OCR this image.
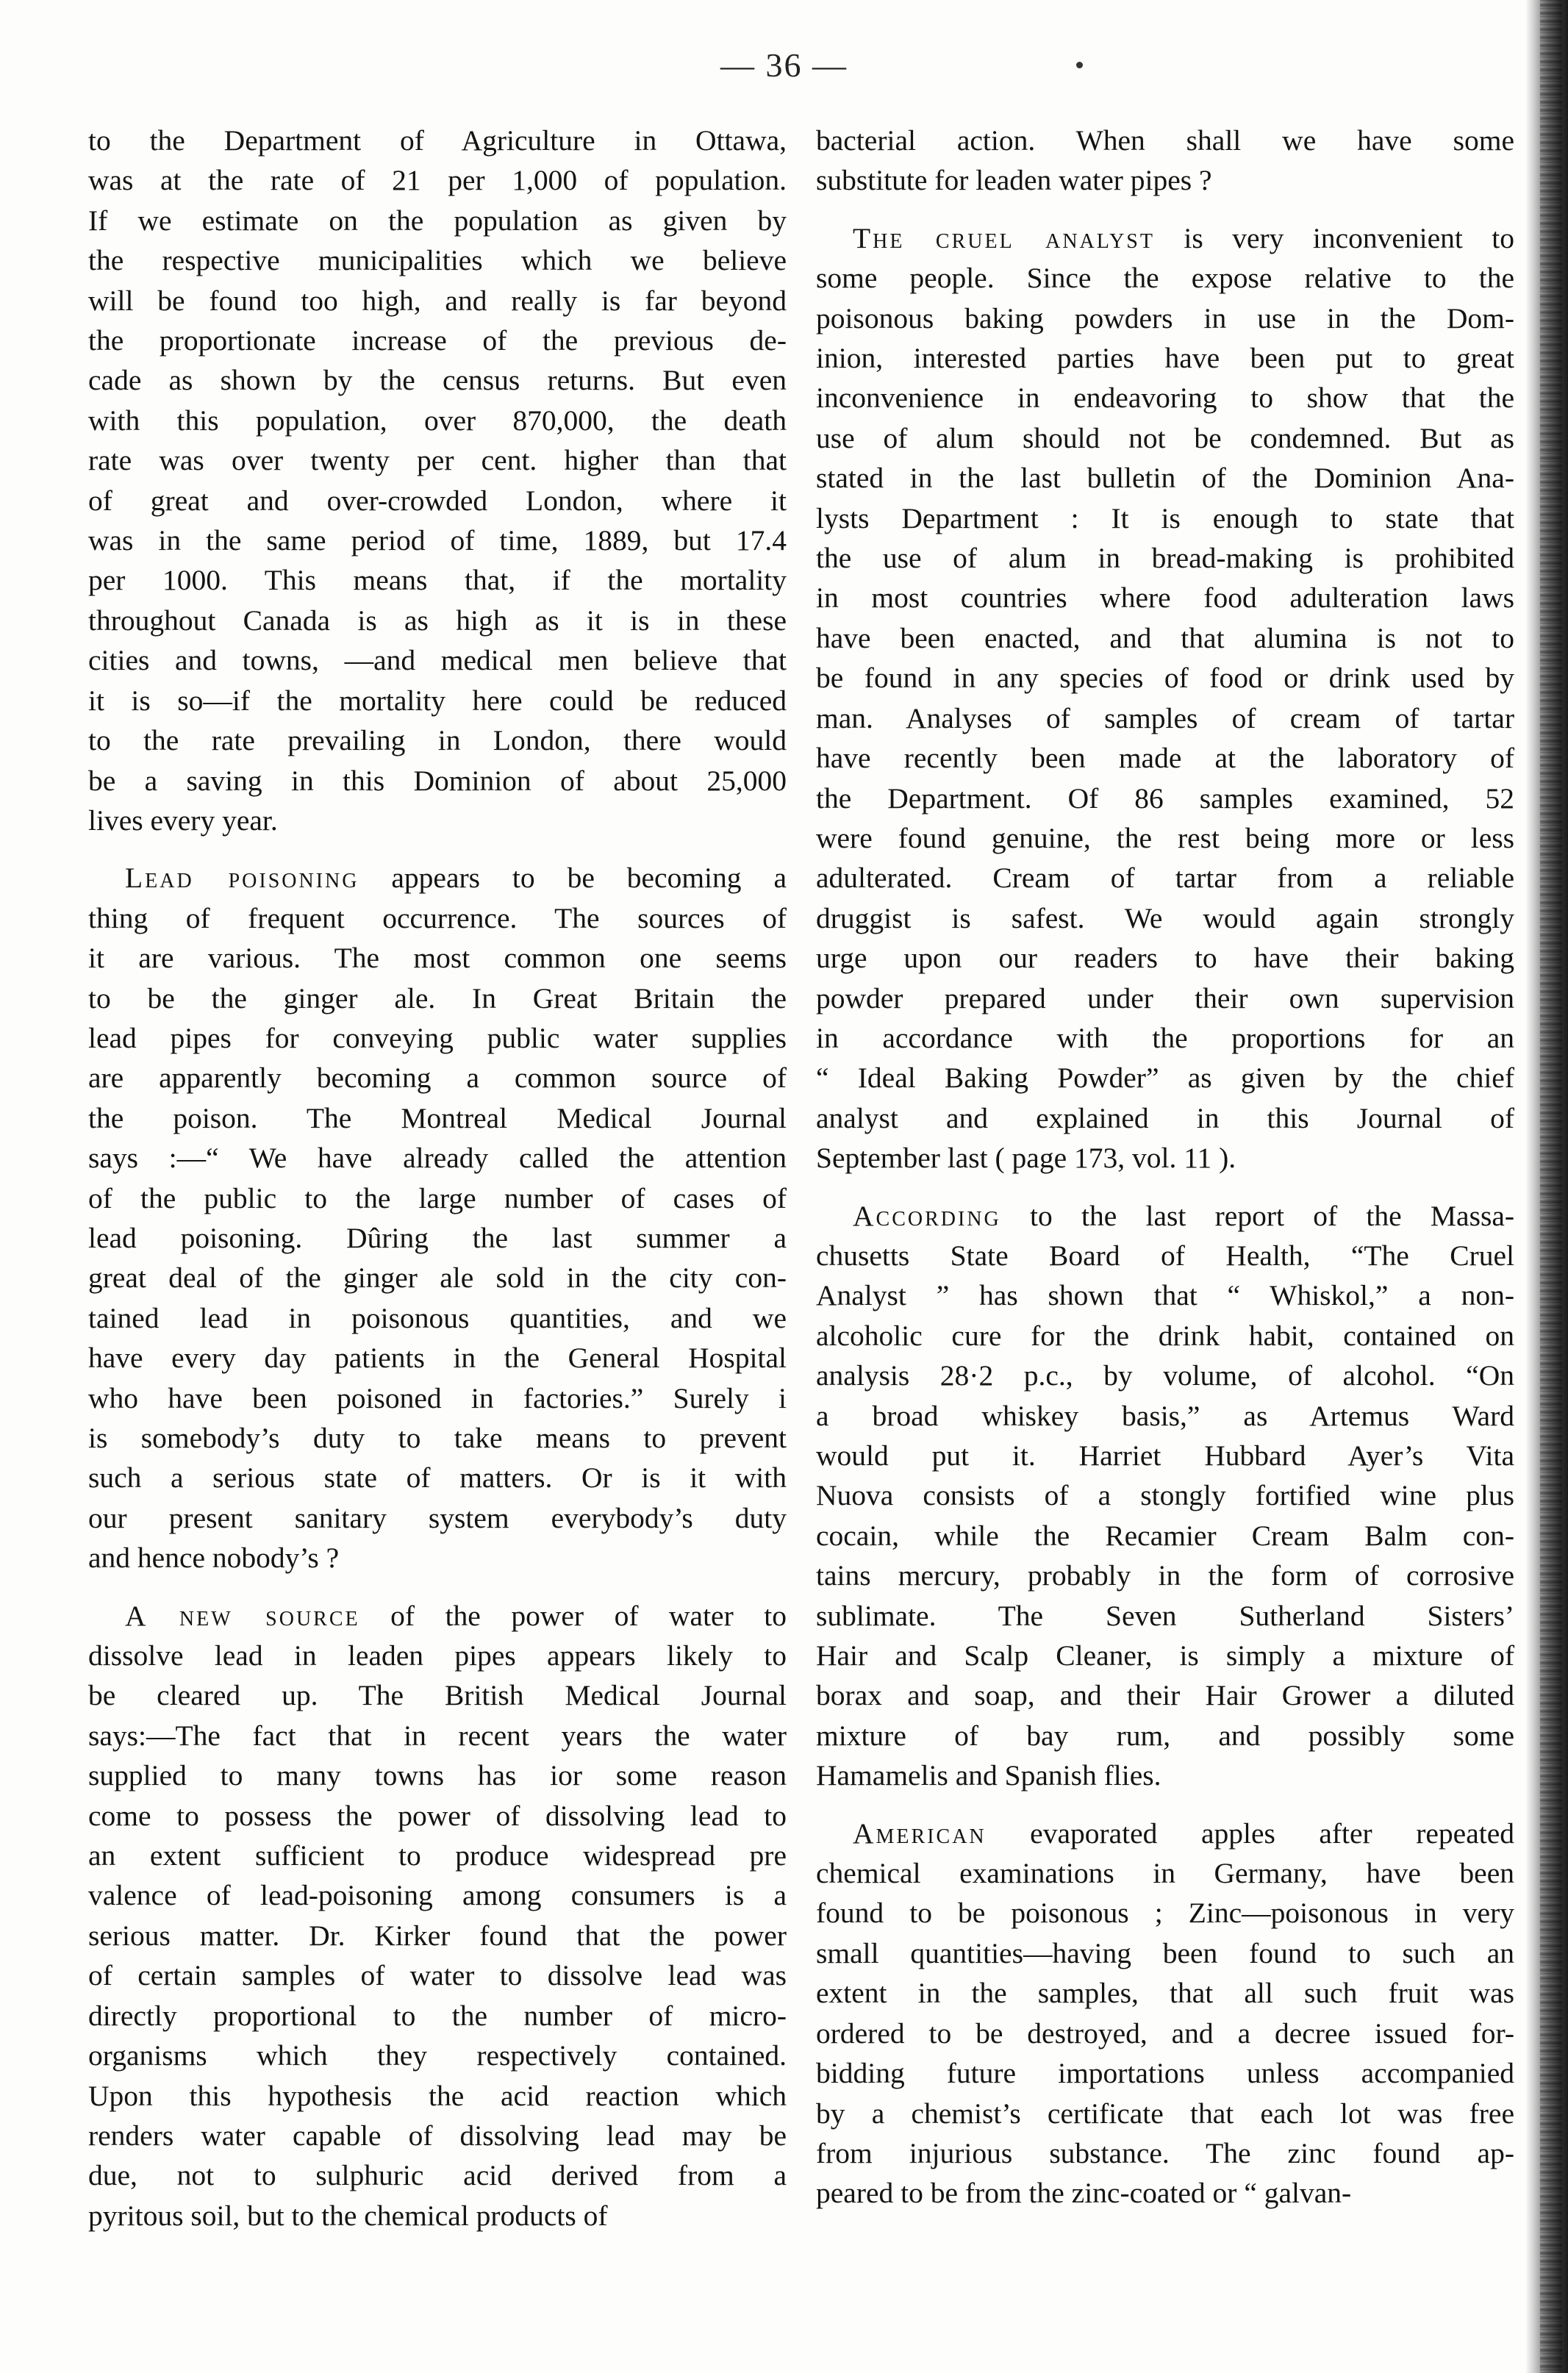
— 36 —
to the Department of Agriculture in Ottawa,
was at the rate of 21 per 1,000 of population.
If we estimate on the population as given by
the respective municipalities which we believe
will be found too high, and really is far beyond
the proportionate increase of the previous de-
cade as shown by the census returns. But even
with this population, over 870,000, the death
rate was over twenty per cent. higher than that
of great and over-crowded London, where it
was in the same period of time, 1889, but 17.4
per 1000. This means that, if the mortality
throughout Canada is as high as it is in these
cities and towns, —and medical men believe that
it is so—if the mortality here could be reduced
to the rate prevailing in London, there would
be a saving in this Dominion of about 25,000
lives every year.
Lead poisoning appears to be becoming a
thing of frequent occurrence. The sources of
it are various. The most common one seems
to be the ginger ale. In Great Britain the
lead pipes for conveying public water supplies
are apparently becoming a common source of
the poison. The Montreal Medical Journal
says :—“ We have already called the attention
of the public to the large number of cases of
lead poisoning. Dûring the last summer a
great deal of the ginger ale sold in the city con-
tained lead in poisonous quantities, and we
have every day patients in the General Hospital
who have been poisoned in factories.” Surely i
is somebody’s duty to take means to prevent
such a serious state of matters. Or is it with
our present sanitary system everybody’s duty
and hence nobody’s ?
A new source of the power of water to
dissolve lead in leaden pipes appears likely to
be cleared up. The British Medical Journal
says:—The fact that in recent years the water
supplied to many towns has ior some reason
come to possess the power of dissolving lead to
an extent sufficient to produce widespread pre
valence of lead-poisoning among consumers is a
serious matter. Dr. Kirker found that the power
of certain samples of water to dissolve lead was
directly proportional to the number of micro-
organisms which they respectively contained.
Upon this hypothesis the acid reaction which
renders water capable of dissolving lead may be
due, not to sulphuric acid derived from a
pyritous soil, but to the chemical products of
bacterial action. When shall we have some
substitute for leaden water pipes ?
The cruel analyst is very inconvenient to
some people. Since the expose relative to the
poisonous baking powders in use in the Dom-
inion, interested parties have been put to great
inconvenience in endeavoring to show that the
use of alum should not be condemned. But as
stated in the last bulletin of the Dominion Ana-
lysts Department : It is enough to state that
the use of alum in bread-making is prohibited
in most countries where food adulteration laws
have been enacted, and that alumina is not to
be found in any species of food or drink used by
man. Analyses of samples of cream of tartar
have recently been made at the laboratory of
the Department. Of 86 samples examined, 52
were found genuine, the rest being more or less
adulterated. Cream of tartar from a reliable
druggist is safest. We would again strongly
urge upon our readers to have their baking
powder prepared under their own supervision
in accordance with the proportions for an
“ Ideal Baking Powder” as given by the chief
analyst and explained in this Journal of
September last ( page 173, vol. 11 ).
According to the last report of the Massa-
chusetts State Board of Health, “The Cruel
Analyst ” has shown that “ Whiskol,” a non-
alcoholic cure for the drink habit, contained on
analysis 28·2 p.c., by volume, of alcohol. “On
a broad whiskey basis,” as Artemus Ward
would put it. Harriet Hubbard Ayer’s Vita
Nuova consists of a stongly fortified wine plus
cocain, while the Recamier Cream Balm con-
tains mercury, probably in the form of corrosive
sublimate. The Seven Sutherland Sisters’
Hair and Scalp Cleaner, is simply a mixture of
borax and soap, and their Hair Grower a diluted
mixture of bay rum, and possibly some
Hamamelis and Spanish flies.
American evaporated apples after repeated
chemical examinations in Germany, have been
found to be poisonous ; Zinc—poisonous in very
small quantities—having been found to such an
extent in the samples, that all such fruit was
ordered to be destroyed, and a decree issued for-
bidding future importations unless accompanied
by a chemist’s certificate that each lot was free
from injurious substance. The zinc found ap-
peared to be from the zinc-coated or “ galvan-
